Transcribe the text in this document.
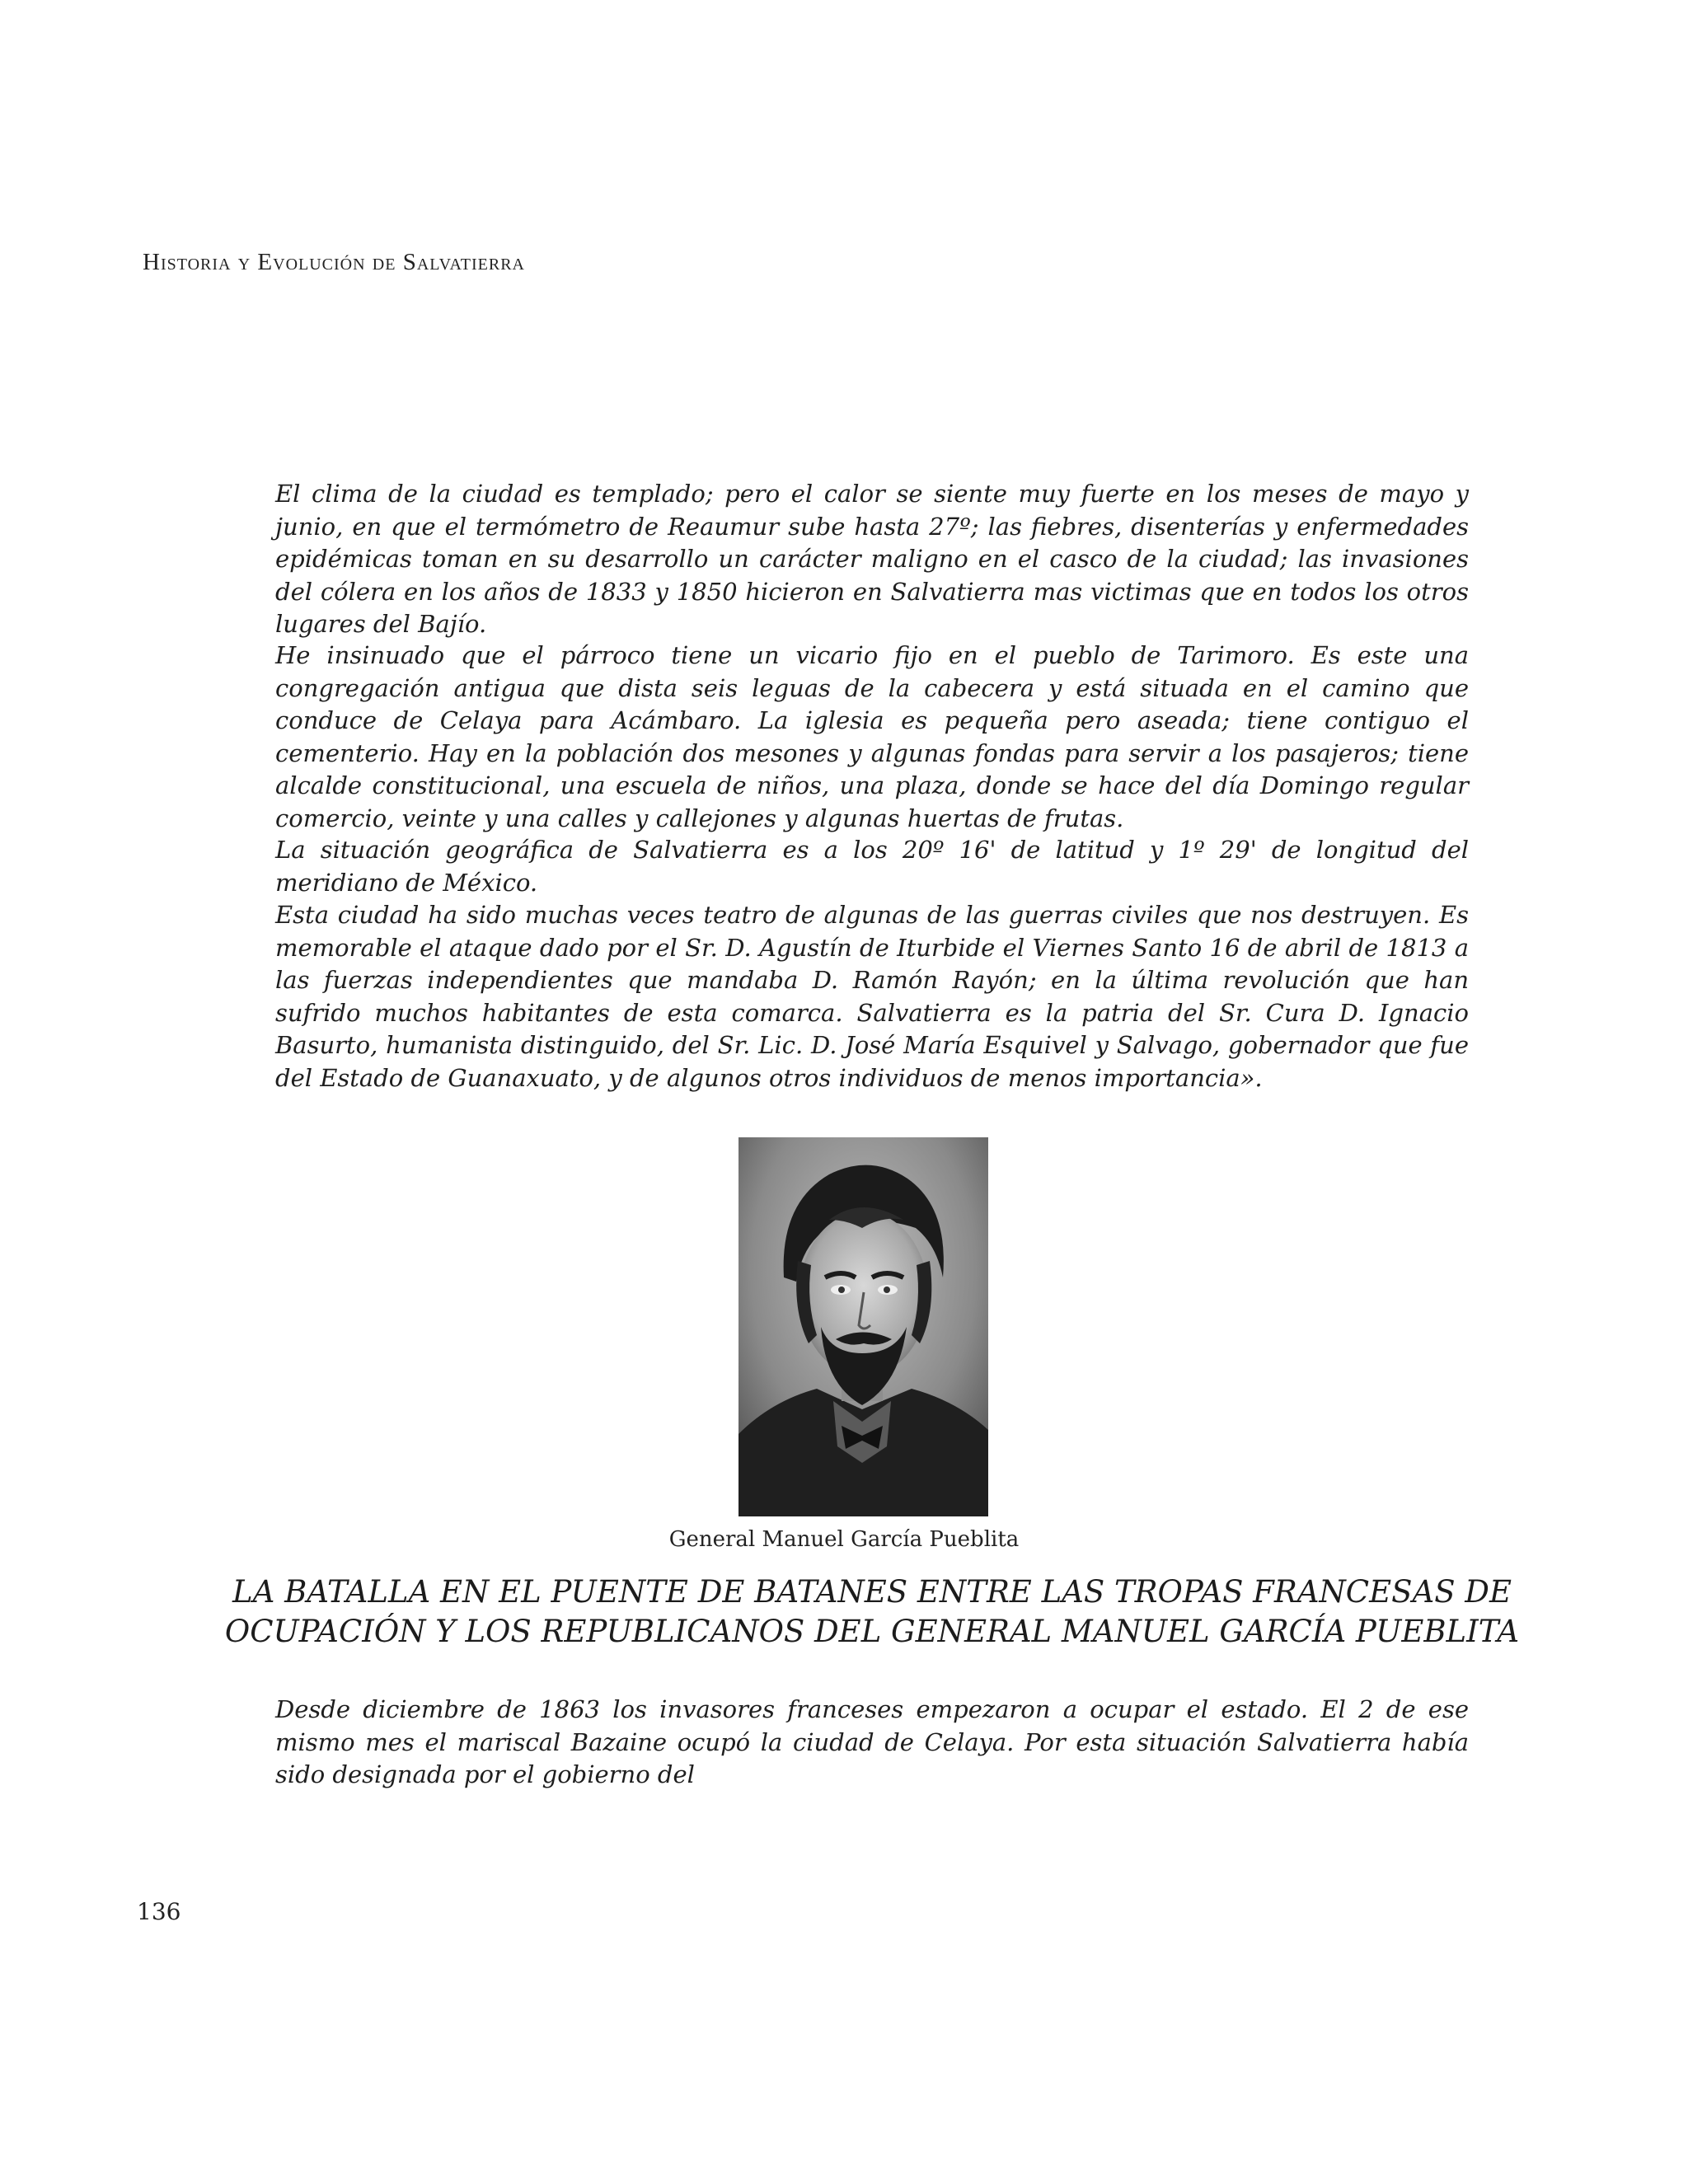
Historia y Evolución de Salvatierra

El clima de la ciudad es templado; pero el calor se siente muy fuerte en los meses de mayo y junio, en que el termómetro de Reaumur sube hasta 27º; las fiebres, disenterías y enfermedades epidémicas toman en su desarrollo un carácter maligno en el casco de la ciudad; las invasiones del cólera en los años de 1833 y 1850 hicieron en Salvatierra mas victimas que en todos los otros lugares del Bajío.

He insinuado que el párroco tiene un vicario fijo en el pueblo de Tarimoro. Es este una congregación antigua que dista seis leguas de la cabecera y está situada en el camino que conduce de Celaya para Acámbaro. La iglesia es pequeña pero aseada; tiene contiguo el cementerio. Hay en la población dos mesones y algunas fondas para servir a los pasajeros; tiene alcalde constitucional, una escuela de niños, una plaza, donde se hace del día Domingo regular comercio, veinte y una calles y callejones y algunas huertas de frutas.

La situación geográfica de Salvatierra es a los 20º 16' de latitud y 1º 29' de longitud del meridiano de México.

Esta ciudad ha sido muchas veces teatro de algunas de las guerras civiles que nos destruyen. Es memorable el ataque dado por el Sr. D. Agustín de Iturbide el Viernes Santo 16 de abril de 1813 a las fuerzas independientes que mandaba D. Ramón Rayón; en la última revolución que han sufrido muchos habitantes de esta comarca. Salvatierra es la patria del Sr. Cura D. Ignacio Basurto, humanista distinguido, del Sr. Lic. D. José María Esquivel y Salvago, gobernador que fue del Estado de Guanaxuato, y de algunos otros individuos de menos importancia».

General Manuel García Pueblita
LA BATALLA EN EL PUENTE DE BATANES ENTRE LAS TROPAS FRANCESAS DE
OCUPACIÓN Y LOS REPUBLICANOS DEL GENERAL MANUEL GARCÍA PUEBLITA

Desde diciembre de 1863 los invasores franceses empezaron a ocupar el estado. El 2 de ese mismo mes el mariscal Bazaine ocupó la ciudad de Celaya. Por esta situación Salvatierra había sido designada por el gobierno del

136
